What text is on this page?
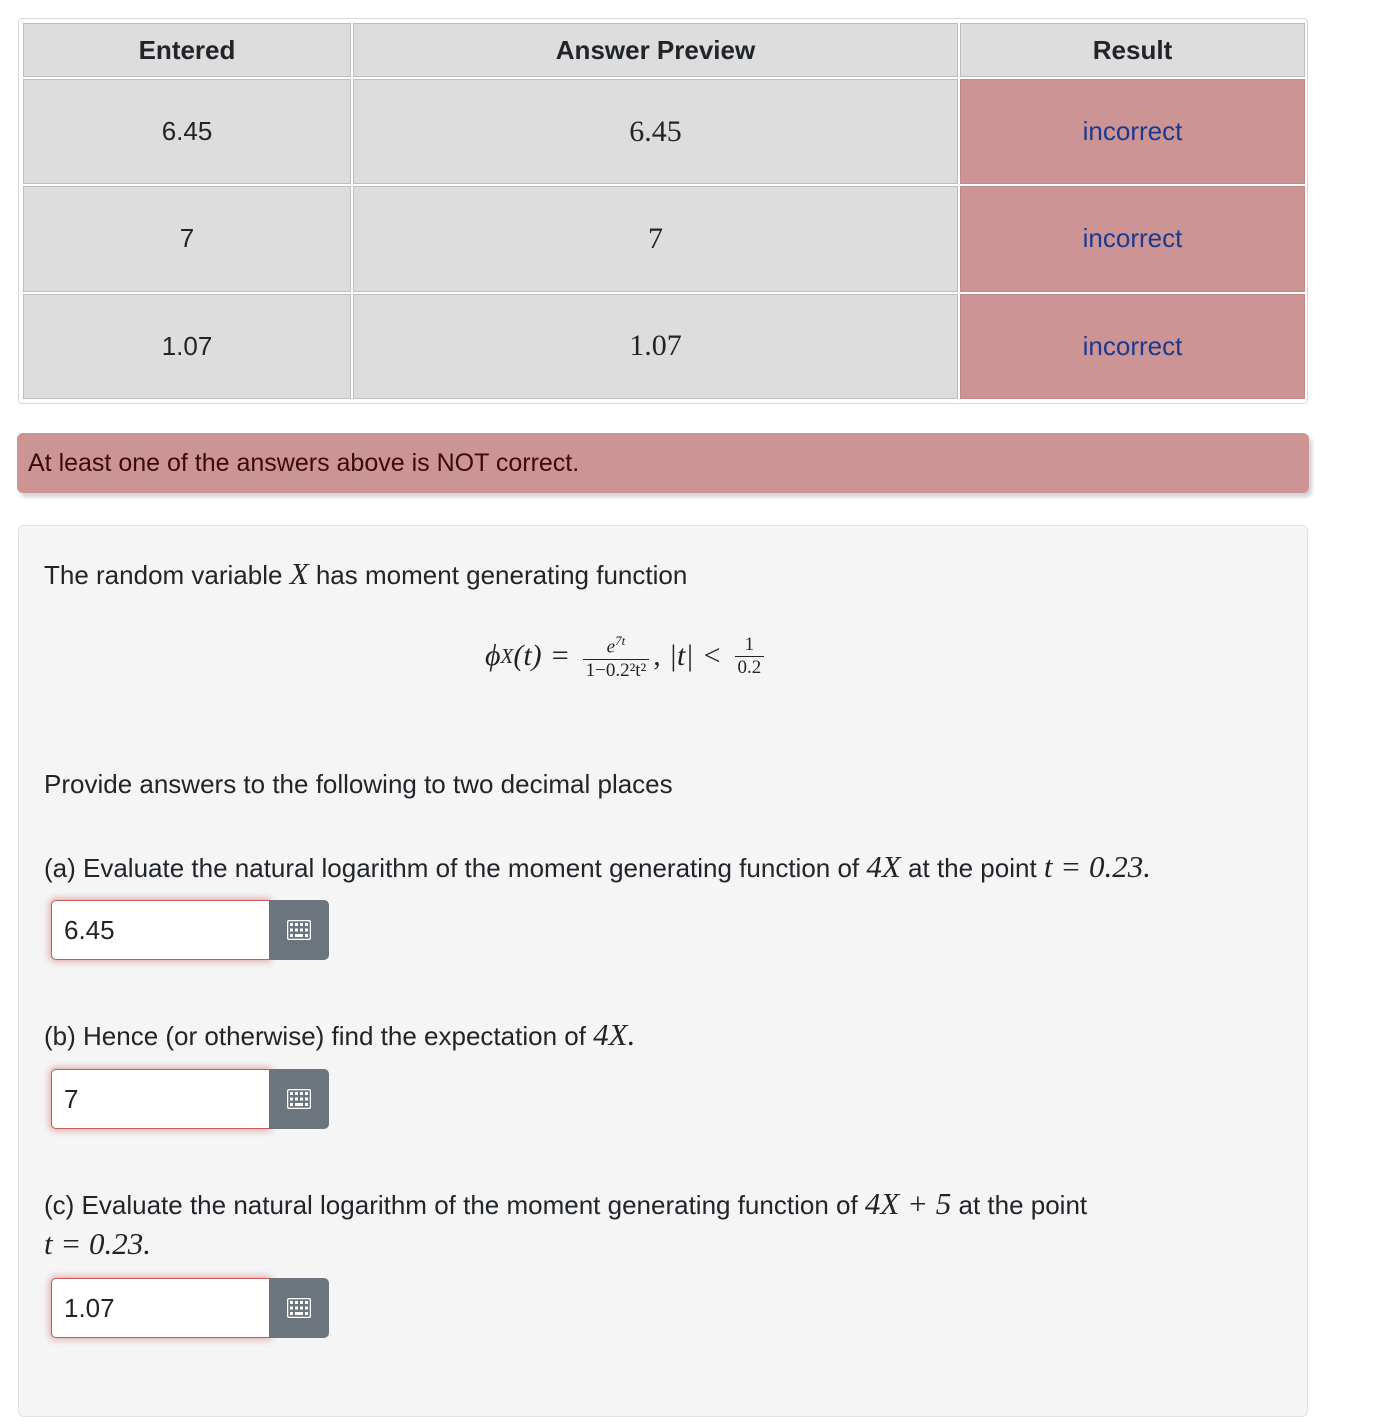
Entered	Answer Preview	Result
6.45	6.45	incorrect
7	7	incorrect
1.07	1.07	incorrect
At least one of the answers above is NOT correct.
The random variable X has moment generating function
ϕ X $(t) = \frac{e^{7t}}{\text{1−0.2²t²}}$ , $|t| < \frac{1}{0.2}$
Provide answers to the following to two decimal places
(a) Evaluate the natural logarithm of the moment generating function of 4X at the point t = 0.23.
6.45
(b) Hence (or otherwise) find the expectation of 4X.
7
(c) Evaluate the natural logarithm of the moment generating function of 4X + 5 at the point
t = 0.23.
1.07
